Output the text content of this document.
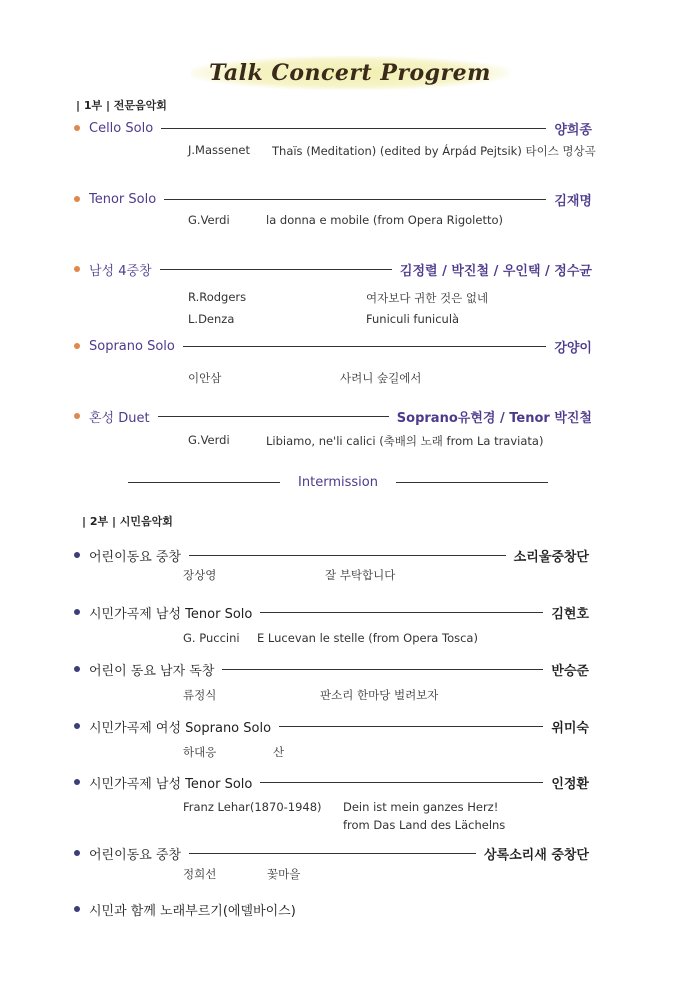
Talk Concert Progrem
| 1부 | 전문음악회
Cello Solo	양희종
J.Massenet Thaïs (Meditation) (edited by Árpád Pejtsik) 타이스 명상곡
Tenor Solo	김재명
G.Verdi	la donna e mobile (from Opera Rigoletto)
남성 4중창	김정렬 / 박진철 / 우인택 / 정수균
R.Rodgers	여자보다 귀한 것은 없네
L.Denza	Funiculi funiculà
Soprano Solo	강양이
이안삼	사려니 숲길에서
혼성 Duet	Soprano유현경 / Tenor 박진철
G.Verdi	Libiamo, ne'li calici (축배의 노래 from La traviata)
Intermission
| 2부 | 시민음악회
어린이동요 중창	소리울중창단
장상영	잘 부탁합니다
시민가곡제 남성 Tenor Solo	김현호
G. Puccini E Lucevan le stelle (from Opera Tosca)
어린이 동요 남자 독창	반승준
류정식	판소리 한마당 벌려보자
시민가곡제 여성 Soprano Solo	위미숙
하대응	산
시민가곡제 남성 Tenor Solo	인정환
Franz Lehar(1870-1948) Dein ist mein ganzes Herz!
from Das Land des Lächelns
어린이동요 중창	상록소리새 중창단
정희선	꽃마을
시민과 함께 노래부르기(에델바이스)
